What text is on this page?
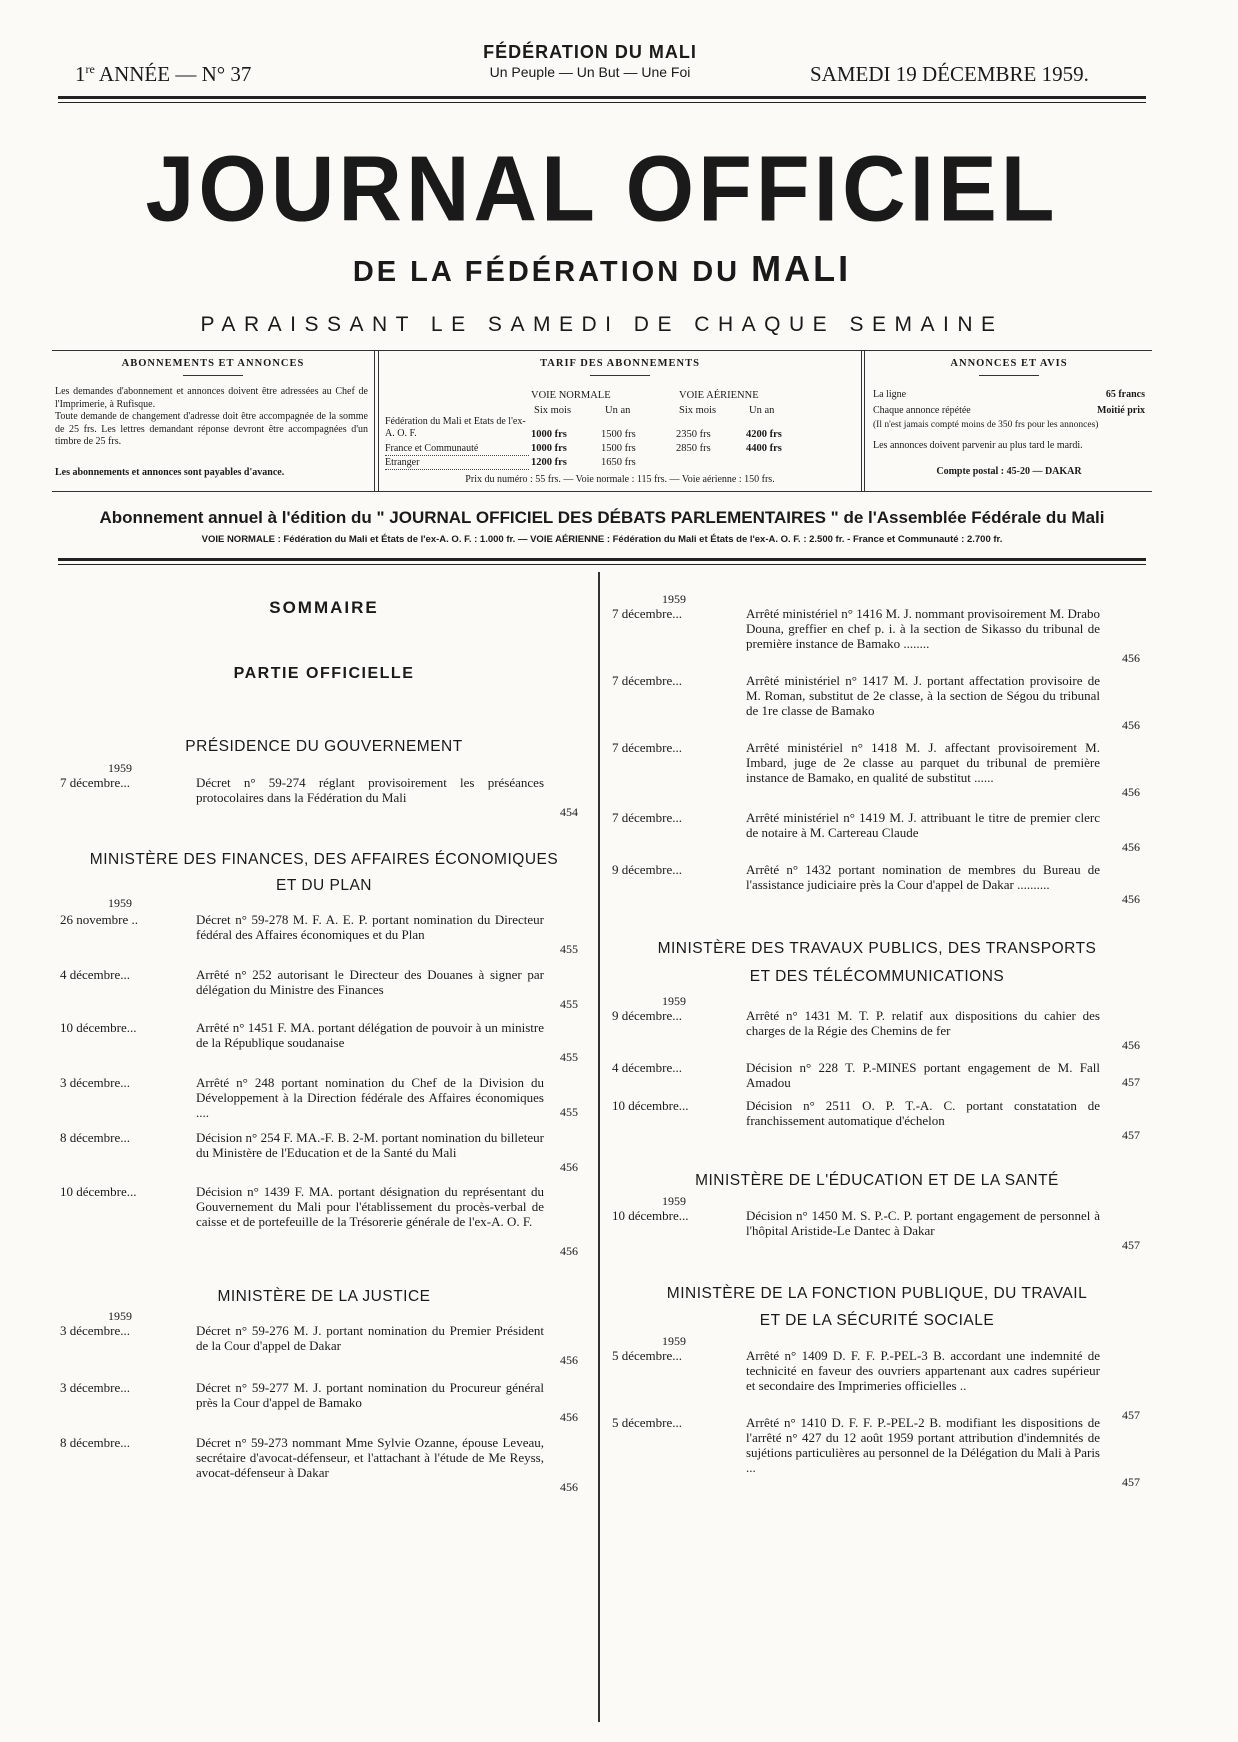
1re ANNÉE — N° 37
FÉDÉRATION DU MALI
Un Peuple — Un But — Une Foi	SAMEDI 19 DÉCEMBRE 1959.
JOURNAL OFFICIEL
DE LA FÉDÉRATION DU MALI
PARAISSANT LE SAMEDI DE CHAQUE SEMAINE
ABONNEMENTS ET ANNONCES
Les demandes d'abonnement et annonces doivent être adressées au Chef de l'Imprimerie, à Rufisque.
Toute demande de changement d'adresse doit être accompagnée de la somme de 25 frs. Les lettres demandant réponse devront être accompagnées d'un timbre de 25 frs.
Les abonnements et annonces sont payables d'avance.
TARIF DES ABONNEMENTS
VOIE NORMALE	VOIE AÉRIENNE
Six mois	Un an	Six mois	Un an
Fédération du Mali et Etats de l'ex-A. O. F.	1000 frs	1500 frs	2350 frs	4200 frs
France et Communauté	1000 frs	1500 frs	2850 frs	4400 frs
Etranger	1200 frs	1650 frs
Prix du numéro : 55 frs. — Voie normale : 115 frs. — Voie aérienne : 150 frs.
ANNONCES ET AVIS
La ligne	65 francs
Chaque annonce répétée	Moitié prix
(Il n'est jamais compté moins de 350 frs pour les annonces)
Les annonces doivent parvenir au plus tard le mardi.
Compte postal : 45-20 — DAKAR
Abonnement annuel à l'édition du " JOURNAL OFFICIEL DES DÉBATS PARLEMENTAIRES " de l'Assemblée Fédérale du Mali
VOIE NORMALE : Fédération du Mali et États de l'ex-A. O. F. : 1.000 fr. — VOIE AÉRIENNE : Fédération du Mali et États de l'ex-A. O. F. : 2.500 fr. - France et Communauté : 2.700 fr.
SOMMAIRE
PARTIE OFFICIELLE
PRÉSIDENCE DU GOUVERNEMENT
MINISTÈRE DES FINANCES, DES AFFAIRES ÉCONOMIQUES
ET DU PLAN
MINISTÈRE DE LA JUSTICE
1959
7 décembre...	Décret n° 59-274 réglant provisoirement les préséances protocolaires dans la Fédération du Mali
454
1959
26 novembre ..	Décret n° 59-278 M. F. A. E. P. portant nomination du Directeur fédéral des Affaires économiques et du Plan
455
4 décembre...	Arrêté n° 252 autorisant le Directeur des Douanes à signer par délégation du Ministre des Finances
455
10 décembre...	Arrêté n° 1451 F. MA. portant délégation de pouvoir à un ministre de la République soudanaise
455
3 décembre...	Arrêté n° 248 portant nomination du Chef de la Division du Développement à la Direction fédérale des Affaires économiques ....	455
8 décembre...	Décision n° 254 F. MA.-F. B. 2-M. portant nomination du billeteur du Ministère de l'Education et de la Santé du Mali
456
10 décembre...	Décision n° 1439 F. MA. portant désignation du représentant du Gouvernement du Mali pour l'établissement du procès-verbal de caisse et de portefeuille de la Trésorerie générale de l'ex-A. O. F.
456
1959
3 décembre...	Décret n° 59-276 M. J. portant nomination du Premier Président de la Cour d'appel de Dakar
456
3 décembre...	Décret n° 59-277 M. J. portant nomination du Procureur général près la Cour d'appel de Bamako
456
8 décembre...	Décret n° 59-273 nommant Mme Sylvie Ozanne, épouse Leveau, secrétaire d'avocat-défenseur, et l'attachant à l'étude de Me Reyss, avocat-défenseur à Dakar
456
MINISTÈRE DES TRAVAUX PUBLICS, DES TRANSPORTS
ET DES TÉLÉCOMMUNICATIONS
MINISTÈRE DE L'ÉDUCATION ET DE LA SANTÉ
MINISTÈRE DE LA FONCTION PUBLIQUE, DU TRAVAIL
ET DE LA SÉCURITÉ SOCIALE
1959
7 décembre...	Arrêté ministériel n° 1416 M. J. nommant provisoirement M. Drabo Douna, greffier en chef p. i. à la section de Sikasso du tribunal de première instance de Bamako ........
456
7 décembre...	Arrêté ministériel n° 1417 M. J. portant affectation provisoire de M. Roman, substitut de 2e classe, à la section de Ségou du tribunal de 1re classe de Bamako
456
7 décembre...	Arrêté ministériel n° 1418 M. J. affectant provisoirement M. Imbard, juge de 2e classe au parquet du tribunal de première instance de Bamako, en qualité de substitut ......
456
7 décembre...	Arrêté ministériel n° 1419 M. J. attribuant le titre de premier clerc de notaire à M. Cartereau Claude
456
9 décembre...	Arrêté n° 1432 portant nomination de membres du Bureau de l'assistance judiciaire près la Cour d'appel de Dakar ..........
456
1959
9 décembre...	Arrêté n° 1431 M. T. P. relatif aux dispositions du cahier des charges de la Régie des Chemins de fer
456
4 décembre...	Décision n° 228 T. P.-MINES portant engagement de M. Fall Amadou	457
10 décembre...	Décision n° 2511 O. P. T.-A. C. portant constatation de franchissement automatique d'échelon
457
1959
10 décembre...	Décision n° 1450 M. S. P.-C. P. portant engagement de personnel à l'hôpital Aristide-Le Dantec à Dakar
457
1959
5 décembre...	Arrêté n° 1409 D. F. F. P.-PEL-3 B. accordant une indemnité de technicité en faveur des ouvriers appartenant aux cadres supérieur et secondaire des Imprimeries officielles ..
457
5 décembre...	Arrêté n° 1410 D. F. F. P.-PEL-2 B. modifiant les dispositions de l'arrêté n° 427 du 12 août 1959 portant attribution d'indemnités de sujétions particulières au personnel de la Délégation du Mali à Paris ...
457
